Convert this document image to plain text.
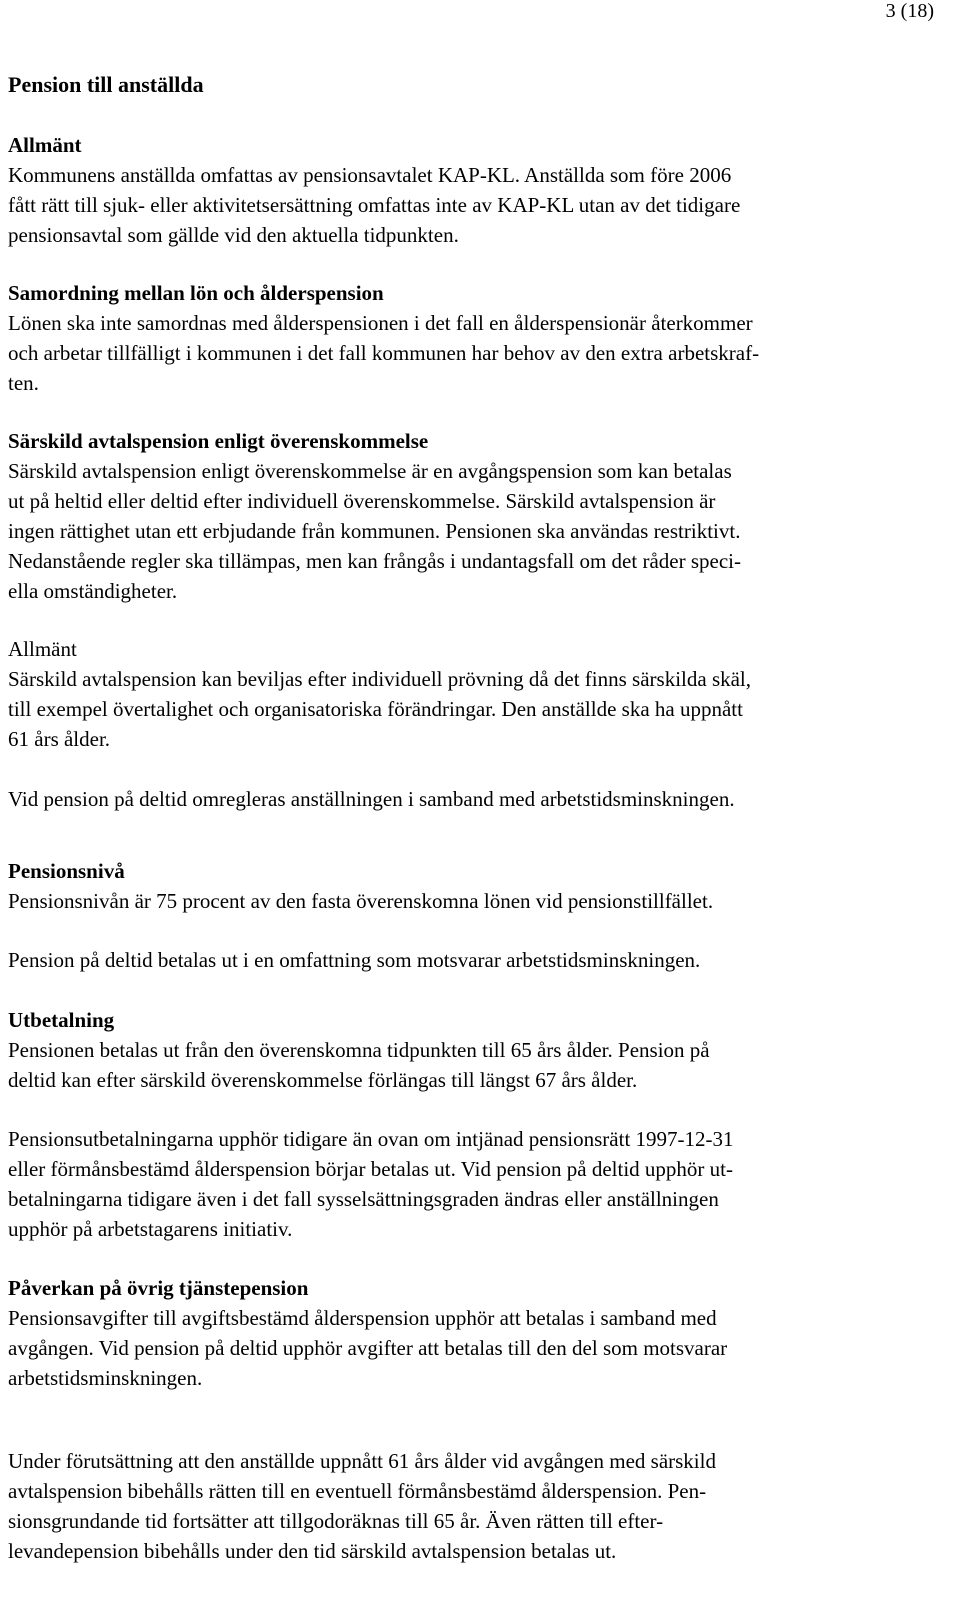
3 (18)
Pension till anställda
Allmänt

Kommunens anställda omfattas av pensionsavtalet KAP-KL. Anställda som före 2006
fått rätt till sjuk- eller aktivitetsersättning omfattas inte av KAP-KL utan av det tidigare
pensionsavtal som gällde vid den aktuella tidpunkten.

Samordning mellan lön och ålderspension

Lönen ska inte samordnas med ålderspensionen i det fall en ålderspensionär återkommer
och arbetar tillfälligt i kommunen i det fall kommunen har behov av den extra arbetskraf-
ten.

Särskild avtalspension enligt överenskommelse

Särskild avtalspension enligt överenskommelse är en avgångspension som kan betalas
ut på heltid eller deltid efter individuell överenskommelse. Särskild avtalspension är
ingen rättighet utan ett erbjudande från kommunen. Pensionen ska användas restriktivt.
Nedanstående regler ska tillämpas, men kan frångås i undantagsfall om det råder speci-
ella omständigheter.

Allmänt

Särskild avtalspension kan beviljas efter individuell prövning då det finns särskilda skäl,
till exempel övertalighet och organisatoriska förändringar. Den anställde ska ha uppnått
61 års ålder.

Vid pension på deltid omregleras anställningen i samband med arbetstidsminskningen.

Pensionsnivå

Pensionsnivån är 75 procent av den fasta överenskomna lönen vid pensionstillfället.

Pension på deltid betalas ut i en omfattning som motsvarar arbetstidsminskningen.

Utbetalning

Pensionen betalas ut från den överenskomna tidpunkten till 65 års ålder. Pension på
deltid kan efter särskild överenskommelse förlängas till längst 67 års ålder.

Pensionsutbetalningarna upphör tidigare än ovan om intjänad pensionsrätt 1997-12-31
eller förmånsbestämd ålderspension börjar betalas ut. Vid pension på deltid upphör ut-
betalningarna tidigare även i det fall sysselsättningsgraden ändras eller anställningen
upphör på arbetstagarens initiativ.

Påverkan på övrig tjänstepension

Pensionsavgifter till avgiftsbestämd ålderspension upphör att betalas i samband med
avgången. Vid pension på deltid upphör avgifter att betalas till den del som motsvarar
arbetstidsminskningen.

Under förutsättning att den anställde uppnått 61 års ålder vid avgången med särskild
avtalspension bibehålls rätten till en eventuell förmånsbestämd ålderspension. Pen-
sionsgrundande tid fortsätter att tillgodoräknas till 65 år. Även rätten till efter-
levandepension bibehålls under den tid särskild avtalspension betalas ut.
